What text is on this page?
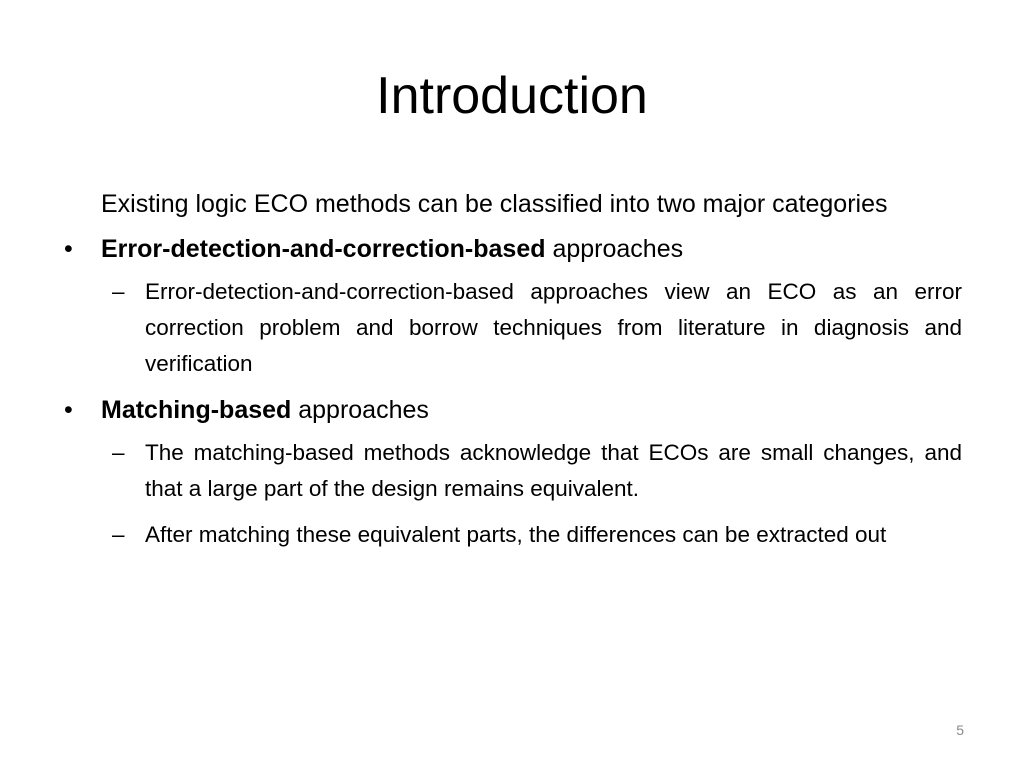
Introduction
Existing logic ECO methods can be classified into two major categories
• Error-detection-and-correction-based approaches
– Error-detection-and-correction-based approaches view an ECO as an error correction problem and borrow techniques from literature in diagnosis and verification
• Matching-based approaches
– The matching-based methods acknowledge that ECOs are small changes, and that a large part of the design remains equivalent.
– After matching these equivalent parts, the differences can be extracted out
5
